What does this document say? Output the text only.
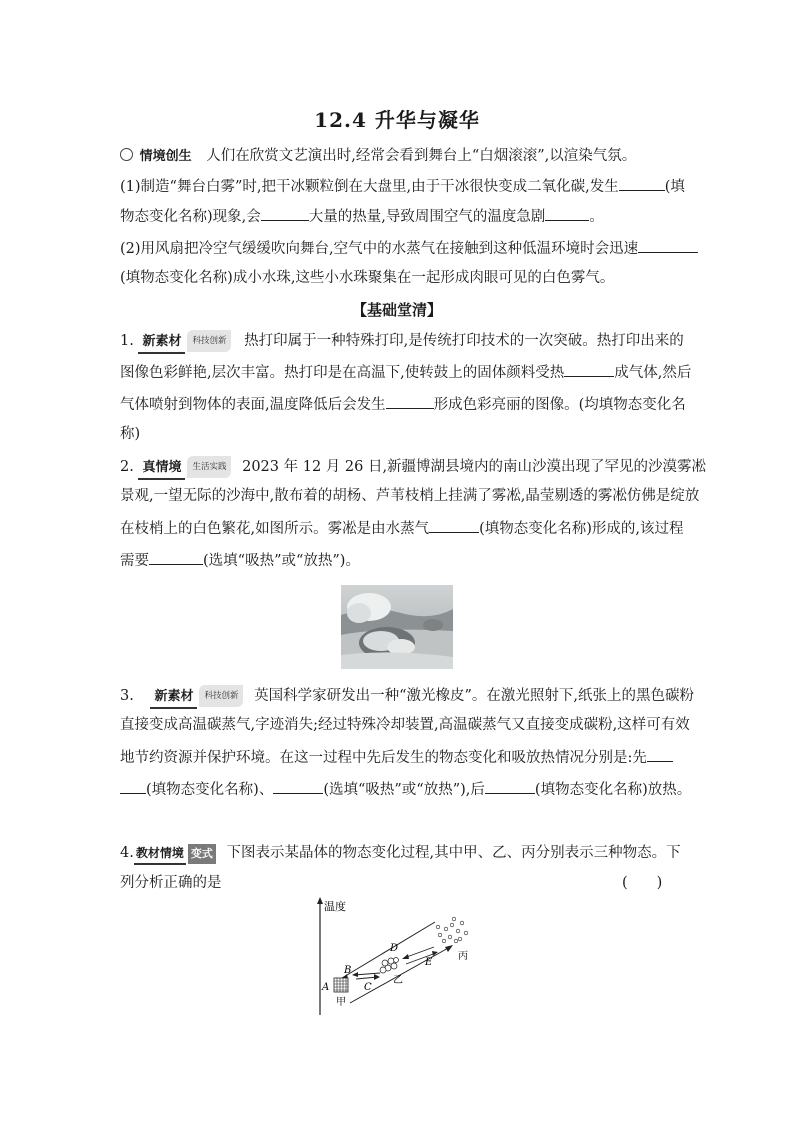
12.4 升华与凝华
情境创生 人们在欣赏文艺演出时,经常会看到舞台上“白烟滚滚”,以渲染气氛。
(1)制造“舞台白雾”时,把干冰颗粒倒在大盘里,由于干冰很快变成二氧化碳,发生	(填
物态变化名称)现象,会	大量的热量,导致周围空气的温度急剧	。
(2)用风扇把冷空气缓缓吹向舞台,空气中的水蒸气在接触到这种低温环境时会迅速
(填物态变化名称)成小水珠,这些小水珠聚集在一起形成肉眼可见的白色雾气。
【基础堂清】
1. 新素材 科技创新 热打印属于一种特殊打印,是传统打印技术的一次突破。热打印出来的
图像色彩鲜艳,层次丰富。热打印是在高温下,使转鼓上的固体颜料受热	成气体,然后
气体喷射到物体的表面,温度降低后会发生	形成色彩亮丽的图像。(均填物态变化名
称)
2. 真情境 生活实践 2023 年 12 月 26 日,新疆博湖县境内的南山沙漠出现了罕见的沙漠雾凇
景观,一望无际的沙海中,散布着的胡杨、芦苇枝梢上挂满了雾凇,晶莹剔透的雾凇仿佛是绽放
在枝梢上的白色繁花,如图所示。雾凇是由水蒸气	(填物态变化名称)形成的,该过程
需要	(选填“吸热”或“放热”)。
3. 新素材 科技创新 英国科学家研发出一种“激光橡皮”。在激光照射下,纸张上的黑色碳粉
直接变成高温碳蒸气,字迹消失;经过特殊冷却装置,高温碳蒸气又直接变成碳粉,这样可有效
地节约资源并保护环境。在这一过程中先后发生的物态变化和吸放热情况分别是:先
(填物态变化名称)、	(选填“吸热”或“放热”),后	(填物态变化名称)放热。
4. 教材情境 变式 下图表示某晶体的物态变化过程,其中甲、乙、丙分别表示三种物态。下
列分析正确的是	(　　)
温度
A
甲
B
C
乙
D
E
丙
